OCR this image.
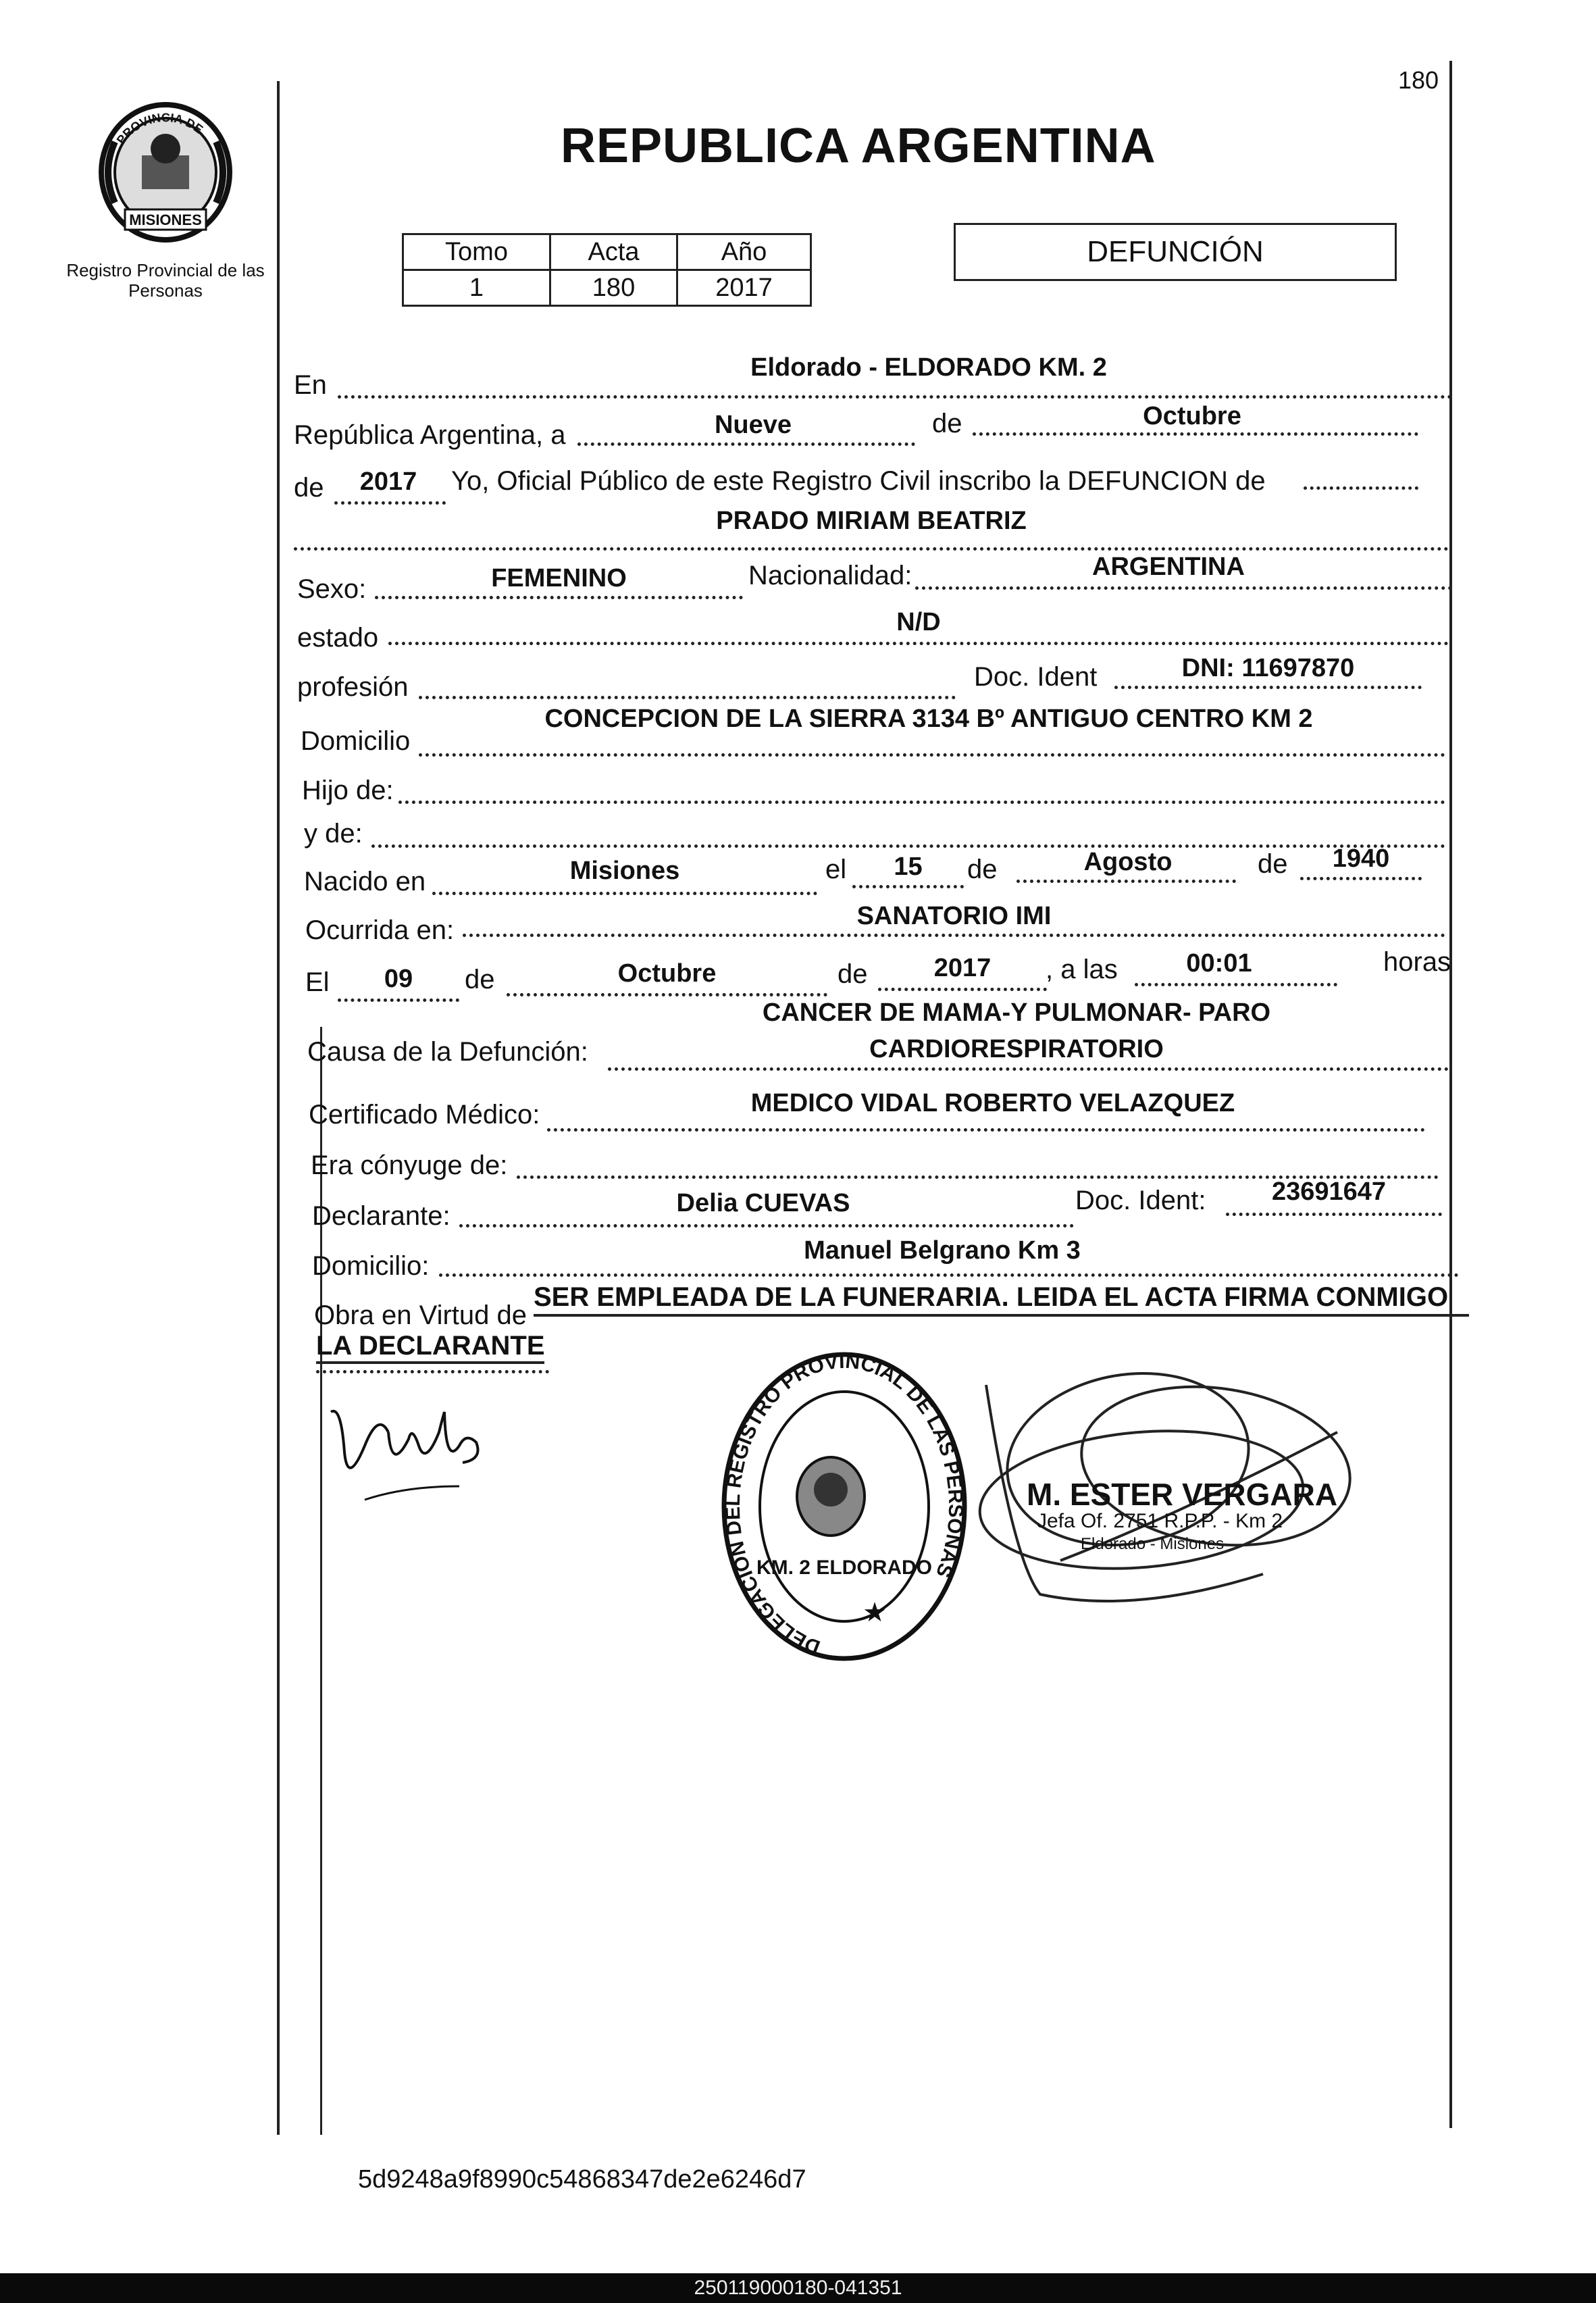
180
PROVINCIA DE
MISIONES
Registro Provincial de las Personas
REPUBLICA ARGENTINA
Tomo	Acta	Año
1	180	2017
DEFUNCIÓN
En
Eldorado - ELDORADO KM. 2
República Argentina, a	Nueve	de	Octubre
de	2017	Yo, Oficial Público de este Registro Civil inscribo la DEFUNCION de
PRADO MIRIAM BEATRIZ
Sexo:	FEMENINO	Nacionalidad:	ARGENTINA
estado
N/D
profesión	Doc. Ident	DNI: 11697870
Domicilio
CONCEPCION DE LA SIERRA 3134 Bº ANTIGUO CENTRO KM 2
Hijo de:
y de:
Nacido en	Misiones	el	15	de	Agosto	de	1940
Ocurrida en:	SANATORIO IMI
El	09	de	Octubre	de	2017	, a las	00:01	horas
CANCER DE MAMA-Y PULMONAR- PARO
Causa de la Defunción:	CARDIORESPIRATORIO
Certificado Médico:	MEDICO VIDAL ROBERTO VELAZQUEZ
Era cónyuge de:
Declarante:	Delia CUEVAS	Doc. Ident:	23691647
Domicilio:
Manuel Belgrano Km 3
Obra en Virtud de
SER EMPLEADA DE LA FUNERARIA. LEIDA EL ACTA FIRMA CONMIGO
LA DECLARANTE
DELEGACION DEL REGISTRO PROVINCIAL DE LAS PERSONAS
KM. 2 ELDORADO
★
M. ESTER VERGARA
Jefa Of. 2751 R.P.P. - Km 2
Eldorado - Misiones
5d9248a9f8990c54868347de2e6246d7
250119000180-041351
